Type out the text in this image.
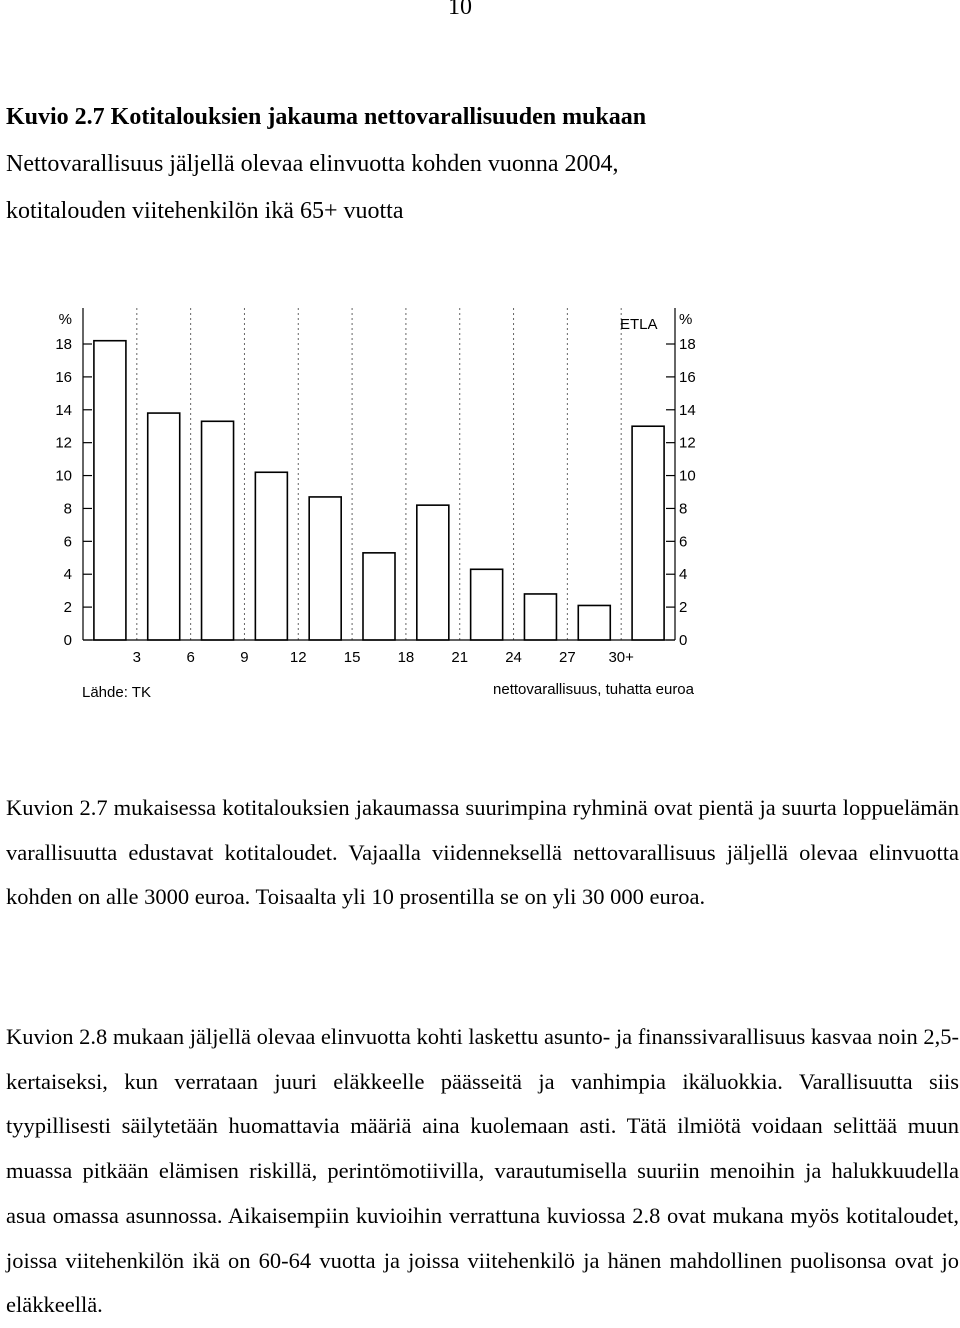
10
Kuvio 2.7 Kotitalouksien jakauma nettovarallisuuden mukaan
Nettovarallisuus jäljellä olevaa elinvuotta kohden vuonna 2004,
kotitalouden viitehenkilön ikä 65+ vuotta
3	6	9	12 15 18 21 24 27 30+
0	0
2	2
4	4
6	6
8	8
10	10
12	12
14	14
16	16
18	18
%	%
ETLA
Lähde: TK	nettovarallisuus, tuhatta euroa

Kuvion 2.7 mukaisessa kotitalouksien jakaumassa suurimpina ryhminä ovat pientä ja suurta loppuelämän varallisuutta edustavat kotitaloudet. Vajaalla viidenneksellä nettovarallisuus jäljellä olevaa elinvuotta kohden on alle 3000 euroa. Toisaalta yli 10 prosentilla se on yli 30 000 euroa.

Kuvion 2.8 mukaan jäljellä olevaa elinvuotta kohti laskettu asunto- ja finanssivarallisuus kasvaa noin 2,5-kertaiseksi, kun verrataan juuri eläkkeelle päässeitä ja vanhimpia ikäluokkia. Varallisuutta siis tyypillisesti säilytetään huomattavia määriä aina kuolemaan asti. Tätä ilmiötä voidaan selittää muun muassa pitkään elämisen riskillä, perintömotiivilla, varautumisella suuriin menoihin ja halukkuudella asua omassa asunnossa. Aikaisempiin kuvioihin verrattuna kuviossa 2.8 ovat mukana myös kotitaloudet, joissa viitehenkilön ikä on 60-64 vuotta ja joissa viitehenkilö ja hänen mahdollinen puolisonsa ovat jo eläkkeellä.
